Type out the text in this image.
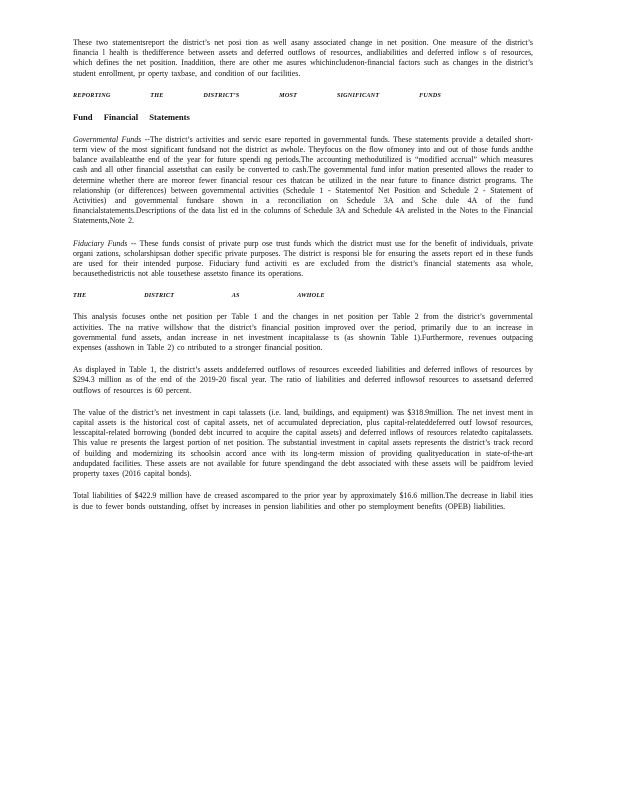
These two statementsreport the district’s net posi tion as well asany associated change in net position. One measure of the district’s financia l health is thedifference between assets and deferred outflows of resources, andliabilities and deferred inflow s of resources, which defines the net position. Inaddition, there are other me asures whichincludenon-financial factors such as changes in the district’s student enrollment, pr operty taxbase, and condition of our facilities.

REPORTING THE DISTRICT’S MOST SIGNIFICANT FUNDS
Fund Financial Statements

Governmental Funds --The district’s activities and servic esare reported in governmental funds. These statements provide a detailed short-term view of the most significant fundsand not the district as awhole. Theyfocus on the flow ofmoney into and out of those funds andthe balance availableatthe end of the year for future spendi ng periods.The accounting methodutilized is “modified accrual” which measures cash and all other financial assetsthat can easily be converted to cash.The governmental fund infor mation presented allows the reader to determine whether there are moreor fewer financial resour ces thatcan be utilized in the near future to finance district programs. The relationship (or differences) between governmental activities (Schedule 1 - Statementof Net Position and Schedule 2 - Statement of Activities) and governmental fundsare shown in a reconciliation on Schedule 3A and Sche dule 4A of the fund financialstatements.Descriptions of the data list ed in the columns of Schedule 3A and Schedule 4A arelisted in the Notes to the Financial Statements,Note 2.

Fiduciary Funds -- These funds consist of private purp ose trust funds which the district must use for the benefit of individuals, private organi zations, scholarshipsan dother specific private purposes. The district is responsi ble for ensuring the assets report ed in these funds are used for their intended purpose. Fiduciary fund activiti es are excluded from the district’s financial statements asa whole, becausethedistrictis not able tousethese assetsto finance its operations.

THE DISTRICT AS AWHOLE

This analysis focuses onthe net position per Table 1 and the changes in net position per Table 2 from the district’s governmental activities. The na rrative willshow that the district’s financial position improved over the period, primarily due to an increase in governmental fund assets, andan increase in net investment incapitalasse ts (as shownin Table 1).Furthermore, revenues outpacing expenses (asshown in Table 2) co ntributed to a stronger financial position.

As displayed in Table 1, the district’s assets anddeferred outflows of resources exceeded liabilities and deferred inflows of resources by $294.3 million as of the end of the 2019-20 fiscal year. The ratio of liabilities and deferred inflowsof resources to assetsand deferred outflows of resources is 60 percent.

The value of the district’s net investment in capi talassets (i.e. land, buildings, and equipment) was $318.9million. The net invest ment in capital assets is the historical cost of capital assets, net of accumulated depreciation, plus capital-relateddeferred outf lowsof resources, lesscapital-related borrowing (bonded debt incurred to acquire the capital assets) and deferred inflows of resources relatedto capitalassets. This value re presents the largest portion of net position. The substantial investment in capital assets represents the district’s track record of building and modernizing its schoolsin accord ance with its long-term mission of providing qualityeducation in state-of-the-art andupdated facilities. These assets are not available for future spendingand the debt associated with these assets will be paidfrom levied property taxes (2016 capital bonds).

Total liabilities of $422.9 million have de creased ascompared to the prior year by approximately $16.6 million.The decrease in liabil ities is due to fewer bonds outstanding, offset by increases in pension liabilities and other po stemployment benefits (OPEB) liabilities.
